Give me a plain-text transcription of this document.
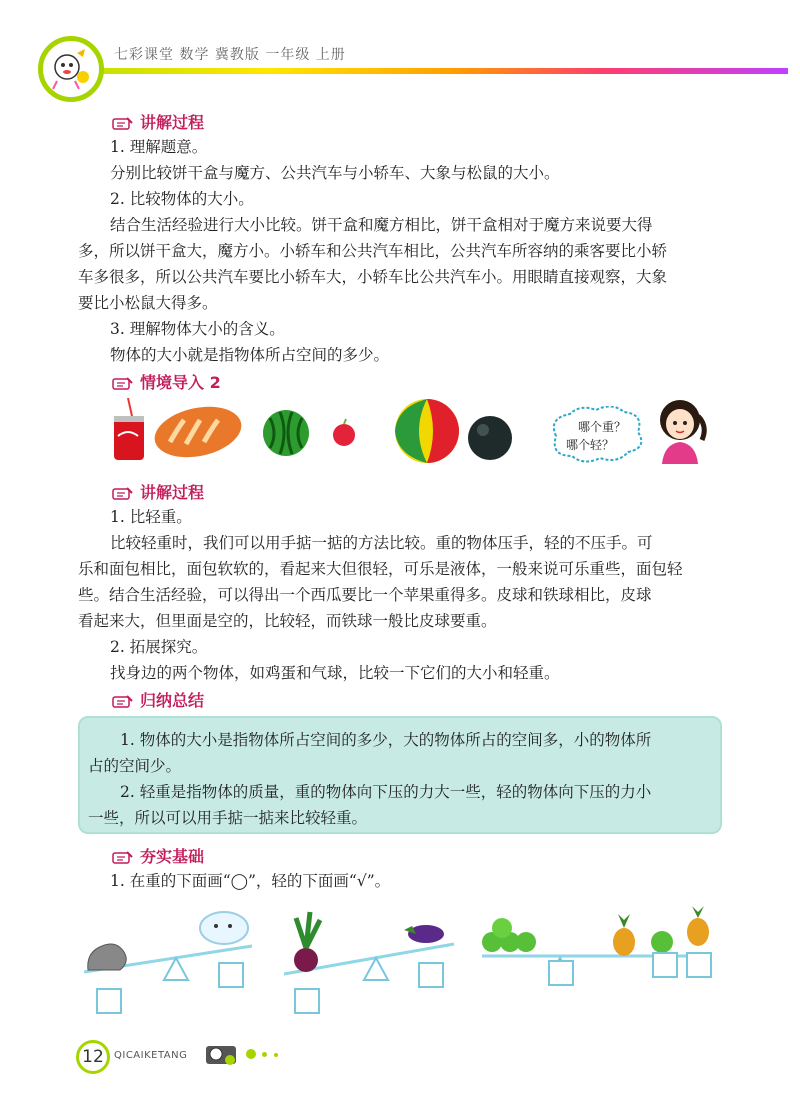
七彩课堂 数学 冀教版 一年级 上册
讲解过程
1. 理解题意。
分别比较饼干盒与魔方、公共汽车与小轿车、大象与松鼠的大小。
2. 比较物体的大小。
结合生活经验进行大小比较。饼干盒和魔方相比，饼干盒相对于魔方来说要大得
多，所以饼干盒大，魔方小。小轿车和公共汽车相比，公共汽车所容纳的乘客要比小轿
车多很多，所以公共汽车要比小轿车大，小轿车比公共汽车小。用眼睛直接观察，大象
要比小松鼠大得多。
3. 理解物体大小的含义。
物体的大小就是指物体所占空间的多少。
情境导入 2
哪个重？
哪个轻？
讲解过程
1. 比轻重。
比较轻重时，我们可以用手掂一掂的方法比较。重的物体压手，轻的不压手。可
乐和面包相比，面包软软的，看起来大但很轻，可乐是液体，一般来说可乐重些，面包轻
些。结合生活经验，可以得出一个西瓜要比一个苹果重得多。皮球和铁球相比，皮球
看起来大，但里面是空的，比较轻，而铁球一般比皮球要重。
2. 拓展探究。
找身边的两个物体，如鸡蛋和气球，比较一下它们的大小和轻重。
归纳总结
1. 物体的大小是指物体所占空间的多少，大的物体所占的空间多，小的物体所
占的空间少。
2. 轻重是指物体的质量，重的物体向下压的力大一些，轻的物体向下压的力小
一些，所以可以用手掂一掂来比较轻重。
夯实基础
1. 在重的下面画“◯”，轻的下面画“√”。
12	QICAIKETANG
